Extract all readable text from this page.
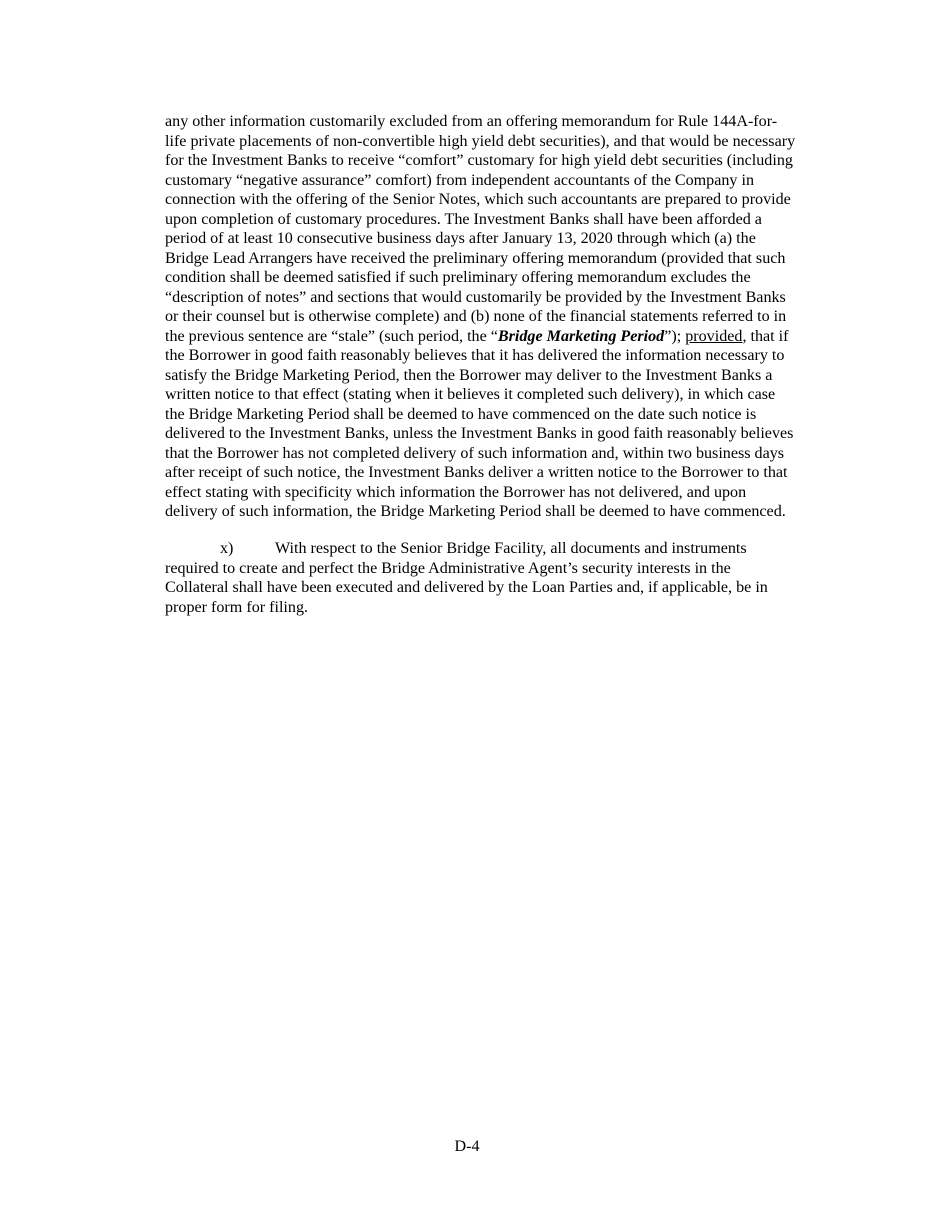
any other information customarily excluded from an offering memorandum for Rule 144A-for-
life private placements of non-convertible high yield debt securities), and that would be necessary
for the Investment Banks to receive “comfort” customary for high yield debt securities (including
customary “negative assurance” comfort) from independent accountants of the Company in
connection with the offering of the Senior Notes, which such accountants are prepared to provide
upon completion of customary procedures. The Investment Banks shall have been afforded a
period of at least 10 consecutive business days after January 13, 2020 through which (a) the
Bridge Lead Arrangers have received the preliminary offering memorandum (provided that such
condition shall be deemed satisfied if such preliminary offering memorandum excludes the
“description of notes” and sections that would customarily be provided by the Investment Banks
or their counsel but is otherwise complete) and (b) none of the financial statements referred to in
the previous sentence are “stale” (such period, the “Bridge Marketing Period”); provided, that if
the Borrower in good faith reasonably believes that it has delivered the information necessary to
satisfy the Bridge Marketing Period, then the Borrower may deliver to the Investment Banks a
written notice to that effect (stating when it believes it completed such delivery), in which case
the Bridge Marketing Period shall be deemed to have commenced on the date such notice is
delivered to the Investment Banks, unless the Investment Banks in good faith reasonably believes
that the Borrower has not completed delivery of such information and, within two business days
after receipt of such notice, the Investment Banks deliver a written notice to the Borrower to that
effect stating with specificity which information the Borrower has not delivered, and upon
delivery of such information, the Bridge Marketing Period shall be deemed to have commenced.
x)	With respect to the Senior Bridge Facility, all documents and instruments
required to create and perfect the Bridge Administrative Agent’s security interests in the
Collateral shall have been executed and delivered by the Loan Parties and, if applicable, be in
proper form for filing.
D-4
